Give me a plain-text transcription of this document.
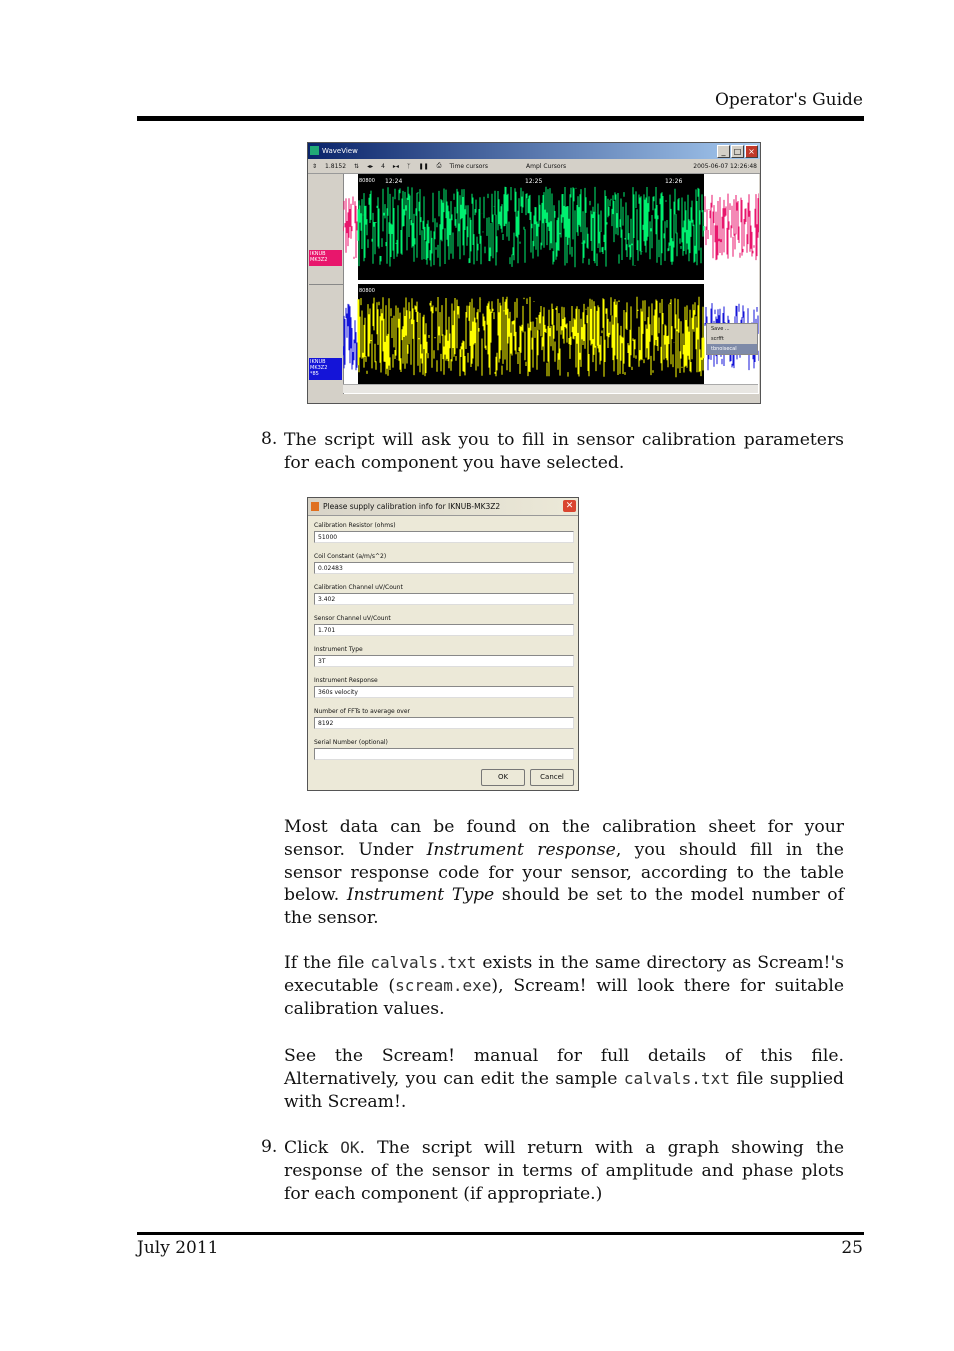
Operator's Guide
WaveView	_	□ ×
⇕ 1.8152 ⇅ ◂▸ 4 ▸◂ ᛉ ❚❚ ⎙ Time cursors	Ampl Cursors	2005-06-07 12:26:48
IKNUB
MK3Z2
IKNUB
MK3Z2
*85
80800
80800
12:24	12:25	12:26
Save ...
scrfft
tbnoisecal
8. The script will ask you to fill in sensor calibration parameters for each component you have selected.
Please supply calibration info for IKNUB-MK3Z2	✕
Calibration Resistor (ohms)
51000
Coil Constant (a/m/s^2)
0.02483
Calibration Channel uV/Count
3.402
Sensor Channel uV/Count
1.701
Instrument Type
3T
Instrument Response
360s velocity
Number of FFTs to average over
8192
Serial Number (optional)
OK	Cancel
Most data can be found on the calibration sheet for your sensor. Under Instrument response, you should fill in the sensor response code for your sensor, according to the table below. Instrument Type should be set to the model number of the sensor.
If the file calvals.txt exists in the same directory as Scream!'s executable (scream.exe), Scream! will look there for suitable calibration values.
See the Scream! manual for full details of this file. Alternatively, you can edit the sample calvals.txt file supplied with Scream!.
9. Click OK. The script will return with a graph showing the response of the sensor in terms of amplitude and phase plots for each component (if appropriate.)
July 2011	25
